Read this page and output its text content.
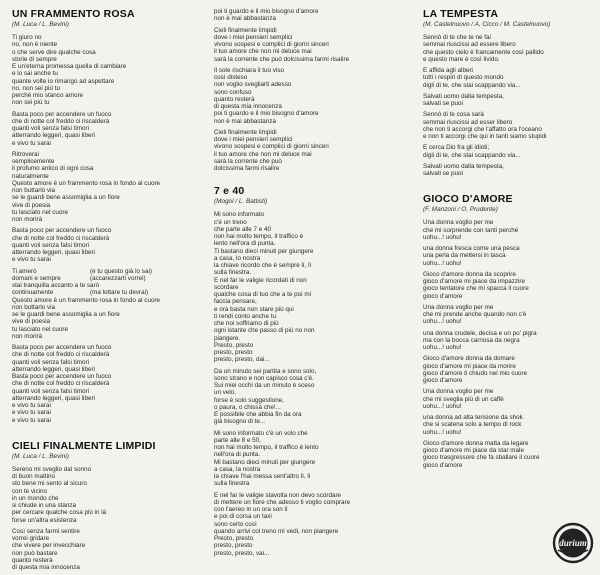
UN FRAMMENTO ROSA
(M. Luca / L. Bevini)
Ti giuro no
no, non è niente
o che serve dire qualche cosa
storie di sempre
E un'eterna promessa quella di cambiare
e lo sai anche tu
quante volte io rimango ad aspettare
no, non sei più tu
perché mio stanco amore
non sei più tu
Basta poco per accendere un fuoco
che di notte col freddo ci riscalderà
quanti voli senza falsi timori
atterrando leggeri, quasi liberi
e vivo tu sarai
Ritroverai
semplicemente
il profumo antico di ogni cosa
naturalmente
Questo amore è un frammento rosa in fondo al cuore
non buttarlo via
se le guardi bene assomiglia a un fiore
vive di poesia
tu lasciato nel cuore
non morirà
Basta poco per accendere un fuoco
che di notte col freddo ci riscalderà
quanti voli senza falsi timori
atterrando leggeri, quasi liberi
e vivo tu sarai
Ti amerò	(e tu questo già lo sai)
domani e sempre	(accarezzarti vorrei)
stai tranquilla accanto a te sarò
continuamente	(ma lottare tu devrai)
Questo amore è un frammento rosa in fondo al cuore
non buttarlo via
se le guardi bene assomiglia a un fiore
vive di poesia
tu lasciato nel cuore
non morirà
Basta poco per accendere un fuoco
che di notte col freddo ci riscalderà
quanti voli senza falsi timori
atterrando leggeri, quasi liberi
Basta poco per accendere un fuoco
che di notte col freddo ci riscalderà
quanti voli senza falsi timori
atterrando leggeri, quasi liberi
e vivo tu sarai
e vivo tu sarai
e vivo tu sarai
CIELI FINALMENTE LIMPIDI
(M. Luca / L. Bevini)
Sereno mi sveglio dal sonno
di buon mattino
sto bene mi sento al sicuro
con te vicino
in un mondo che
si chiude in una stanza
per cercare qualche cosa più in là
forse un'altra esistenza
Così senza farmi sentire
vorrei gridare
che vivere per invecchiare
non può bastare
quanto resterà
di questa mia innocenza
poi ti guardo e il mio bisogno d'amore
non è mai abbastanza
Cieli finalmente limpidi
dove i miei pensieri semplici
vivono sospesi e complici di giorni sinceri
il tuo amore che non mi deluce mai
sarà la corrente che può dolcissima farmi risalire
Il sole rischiara il tuo viso
così disteso
non voglio svegliarti adesso
sono confuso
quanto resterà
di questa mia innocenza
poi ti guardo e il mio bisogno d'amore
non è mai abbastanza
Cieli finalmente limpidi
dove i miei pensieri semplici
vivono sospesi e complici di giorni sinceri
il tuo amore che non mi deluce mai
sarà la corrente che può
dolcissima farmi risalire
7 e 40
(Mogol / L. Battisti)
Mi sono informato
c'è un treno
che parte alle 7 e 40
non hai molto tempo, il traffico è
lento nell'ora di punta.
Ti bastano dieci minuti per giungere
a casa, lo nostra
la chiave ricordo che è sempre lì, lì
sulla finestra.
E nel far le valigie ricordati di non
scordare
qualche cosa di tuo che a te poi mi
faccia pensare,
e ora basta non stare più qui
ti rendi conto anche tu
che noi soffriamo di più
ogni istante che passo di più no non
piangere.
Presto, presto
presto, presto
presto, presto, dai...
Da un minuto sei partita e sono solo,
sono strano e non capisco cosa c'è.
Sui miei occhi da un minuto è sceso
un velo,
forse è solo suggestione,
o paura, o chissà che!...
È possibile che abbia fin da ora
già bisogno di te...
Mi sono informato c'è un volo che
parte alle 8 e 50,
non hai molto tempo, il traffico è lento
nell'ora di punta.
Mi bastano dieci minuti per giungere
a casa, la nostra
la chiave l'hai messa sent'altro lì, lì
sulla finestra
E nel far le valigie stavolta non devo scordare
di mettere un fiore che adesso ti voglio comprare
con l'aereo in un ora son lì
e poi di corsa un taxi
sono certo così
quando arrivi col treno mi vedi, non piangere
Presto, presto
presto, presto
presto, presto, vai...
LA TEMPESTA
(M. Castelnuovo / A. Cicco / M. Castelnuovo)
Sennò di te che te ne fai
semmai riuscissi ad essere libero
che questo cielo è francamente così pallido
e questo mare è così livido.
E affida agli alberi
tutti i respiri di questo mondo
digli di te, che stai scappando via...
Salvati uomo dalla tempesta,
salvati se puoi
Sennò di te cosa sarà
semmai riuscissi ad esser libero
che non ti accorgi che l'affatto ora l'oceano
e non ti accorgi che qui in tanti siamo stupidi
E cerca Dio fra gli idioti;
digli di te, che stai scappando via...
Salvati uomo dalla tempesta,
salvati se puoi
GIOCO D'AMORE
(F. Manzoni / O. Prudente)
Una donna voglio per me
che mi sorprende con tanti perché
uohu...! uohu!
una donna fresca come una pesca
una perla da mettersi in tasca
uohu...! uohu!
Gioco d'amore donna da scoprire
gioco d'amore mi piace da impazzire
gioco tentatore che mi spacca il cuore
gioco d'amore
Una donna voglio per me
che mi prende anche quando non c'è
uohu...! uohu!
una donna crudele, decisa e un po' pigra
ma con la bocca carnosa da negra
uohu...! uohu!
Gioco d'amore donna da domare
gioco d'amore mi piace da morire
gioco d'amore ti chiudo nel mio cuore
gioco d'amore
Una donna voglio per me
che mi sveglia più di un caffè
uohu...! uohu!
una donna ad alta tensione da shok
che si scatena solo a tempo di rock
uohu...! uohu!
Gioco d'amore donna matta da legare
gioco d'amore mi piace da star male
gioco trasgressore che fa sballare il cuore
gioco d'amore
durium
